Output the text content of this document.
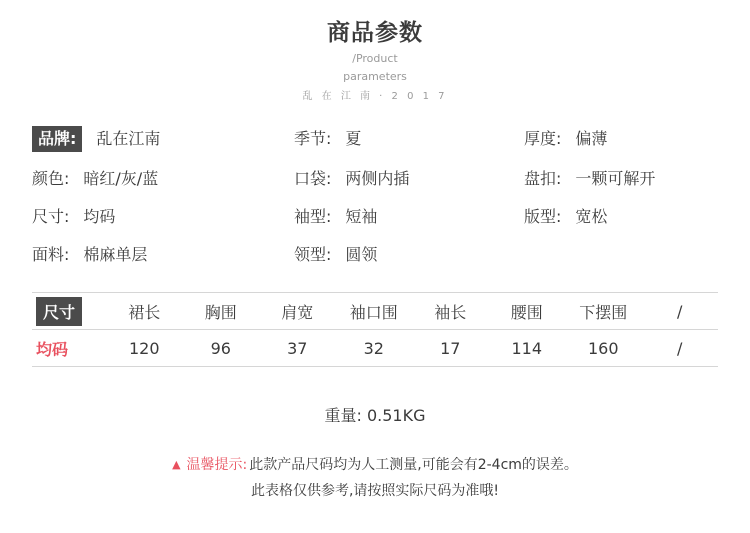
商品参数
/Product
parameters
乱 在 江 南 · 2 0 1 7
品牌:	乱在江南	季节: 夏	厚度: 偏薄
颜色: 暗红/灰/蓝	口袋: 两侧内插	盘扣: 一颗可解开
尺寸: 均码	袖型: 短袖	版型: 宽松
面料: 棉麻单层	领型: 圆领
尺寸	裙长	胸围	肩宽	袖口围	袖长	腰围	下摆围	/
均码	120	96	37	32	17	114	160	/
重量: 0.51KG
▲ 温馨提示: 此款产品尺码均为人工测量,可能会有2-4cm的误差。
此表格仅供参考,请按照实际尺码为准哦!
